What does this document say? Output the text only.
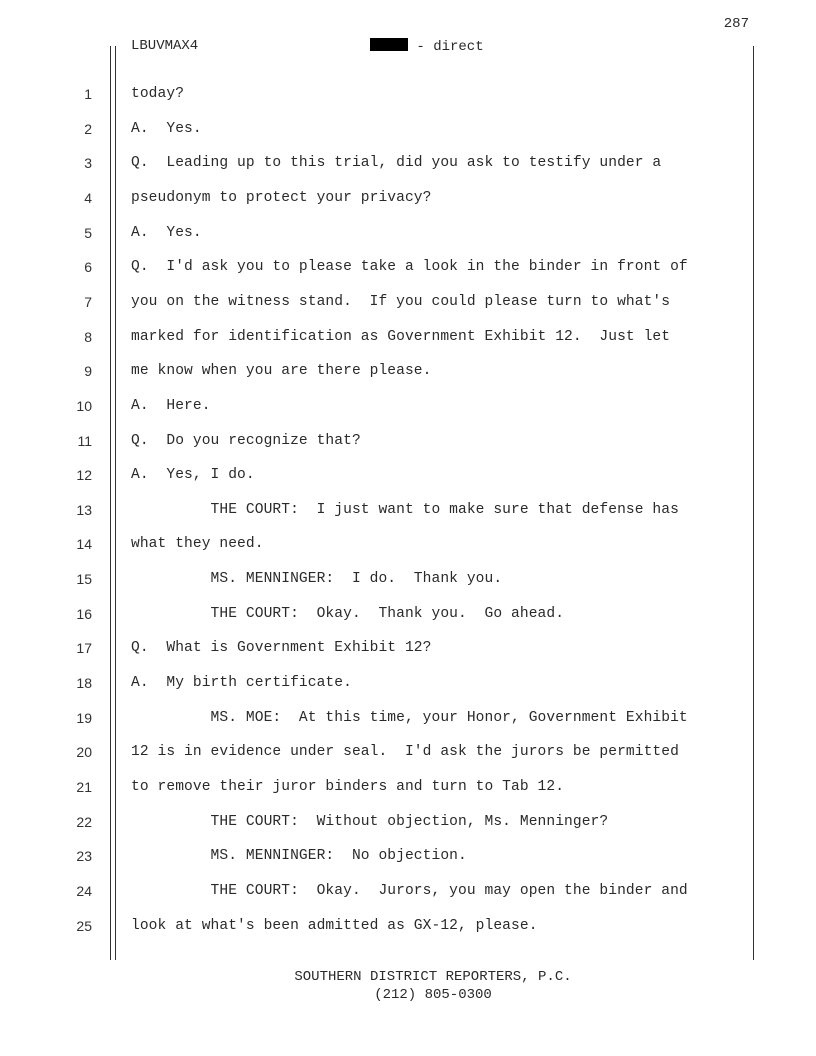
287
LBUVMAX4	- direct
1	today?
2	A.  Yes.
3	Q.  Leading up to this trial, did you ask to testify under a
4	pseudonym to protect your privacy?
5	A.  Yes.
6	Q.  I'd ask you to please take a look in the binder in front of
7	you on the witness stand.  If you could please turn to what's
8	marked for identification as Government Exhibit 12.  Just let
9	me know when you are there please.
10	A.  Here.
11	Q.  Do you recognize that?
12	A.  Yes, I do.
13	THE COURT:  I just want to make sure that defense has
14	what they need.
15	MS. MENNINGER:  I do.  Thank you.
16	THE COURT:  Okay.  Thank you.  Go ahead.
17	Q.  What is Government Exhibit 12?
18	A.  My birth certificate.
19	MS. MOE:  At this time, your Honor, Government Exhibit
20	12 is in evidence under seal.  I'd ask the jurors be permitted
21	to remove their juror binders and turn to Tab 12.
22	THE COURT:  Without objection, Ms. Menninger?
23	MS. MENNINGER:  No objection.
24	THE COURT:  Okay.  Jurors, you may open the binder and
25	look at what's been admitted as GX-12, please.
SOUTHERN DISTRICT REPORTERS, P.C.
(212) 805-0300
